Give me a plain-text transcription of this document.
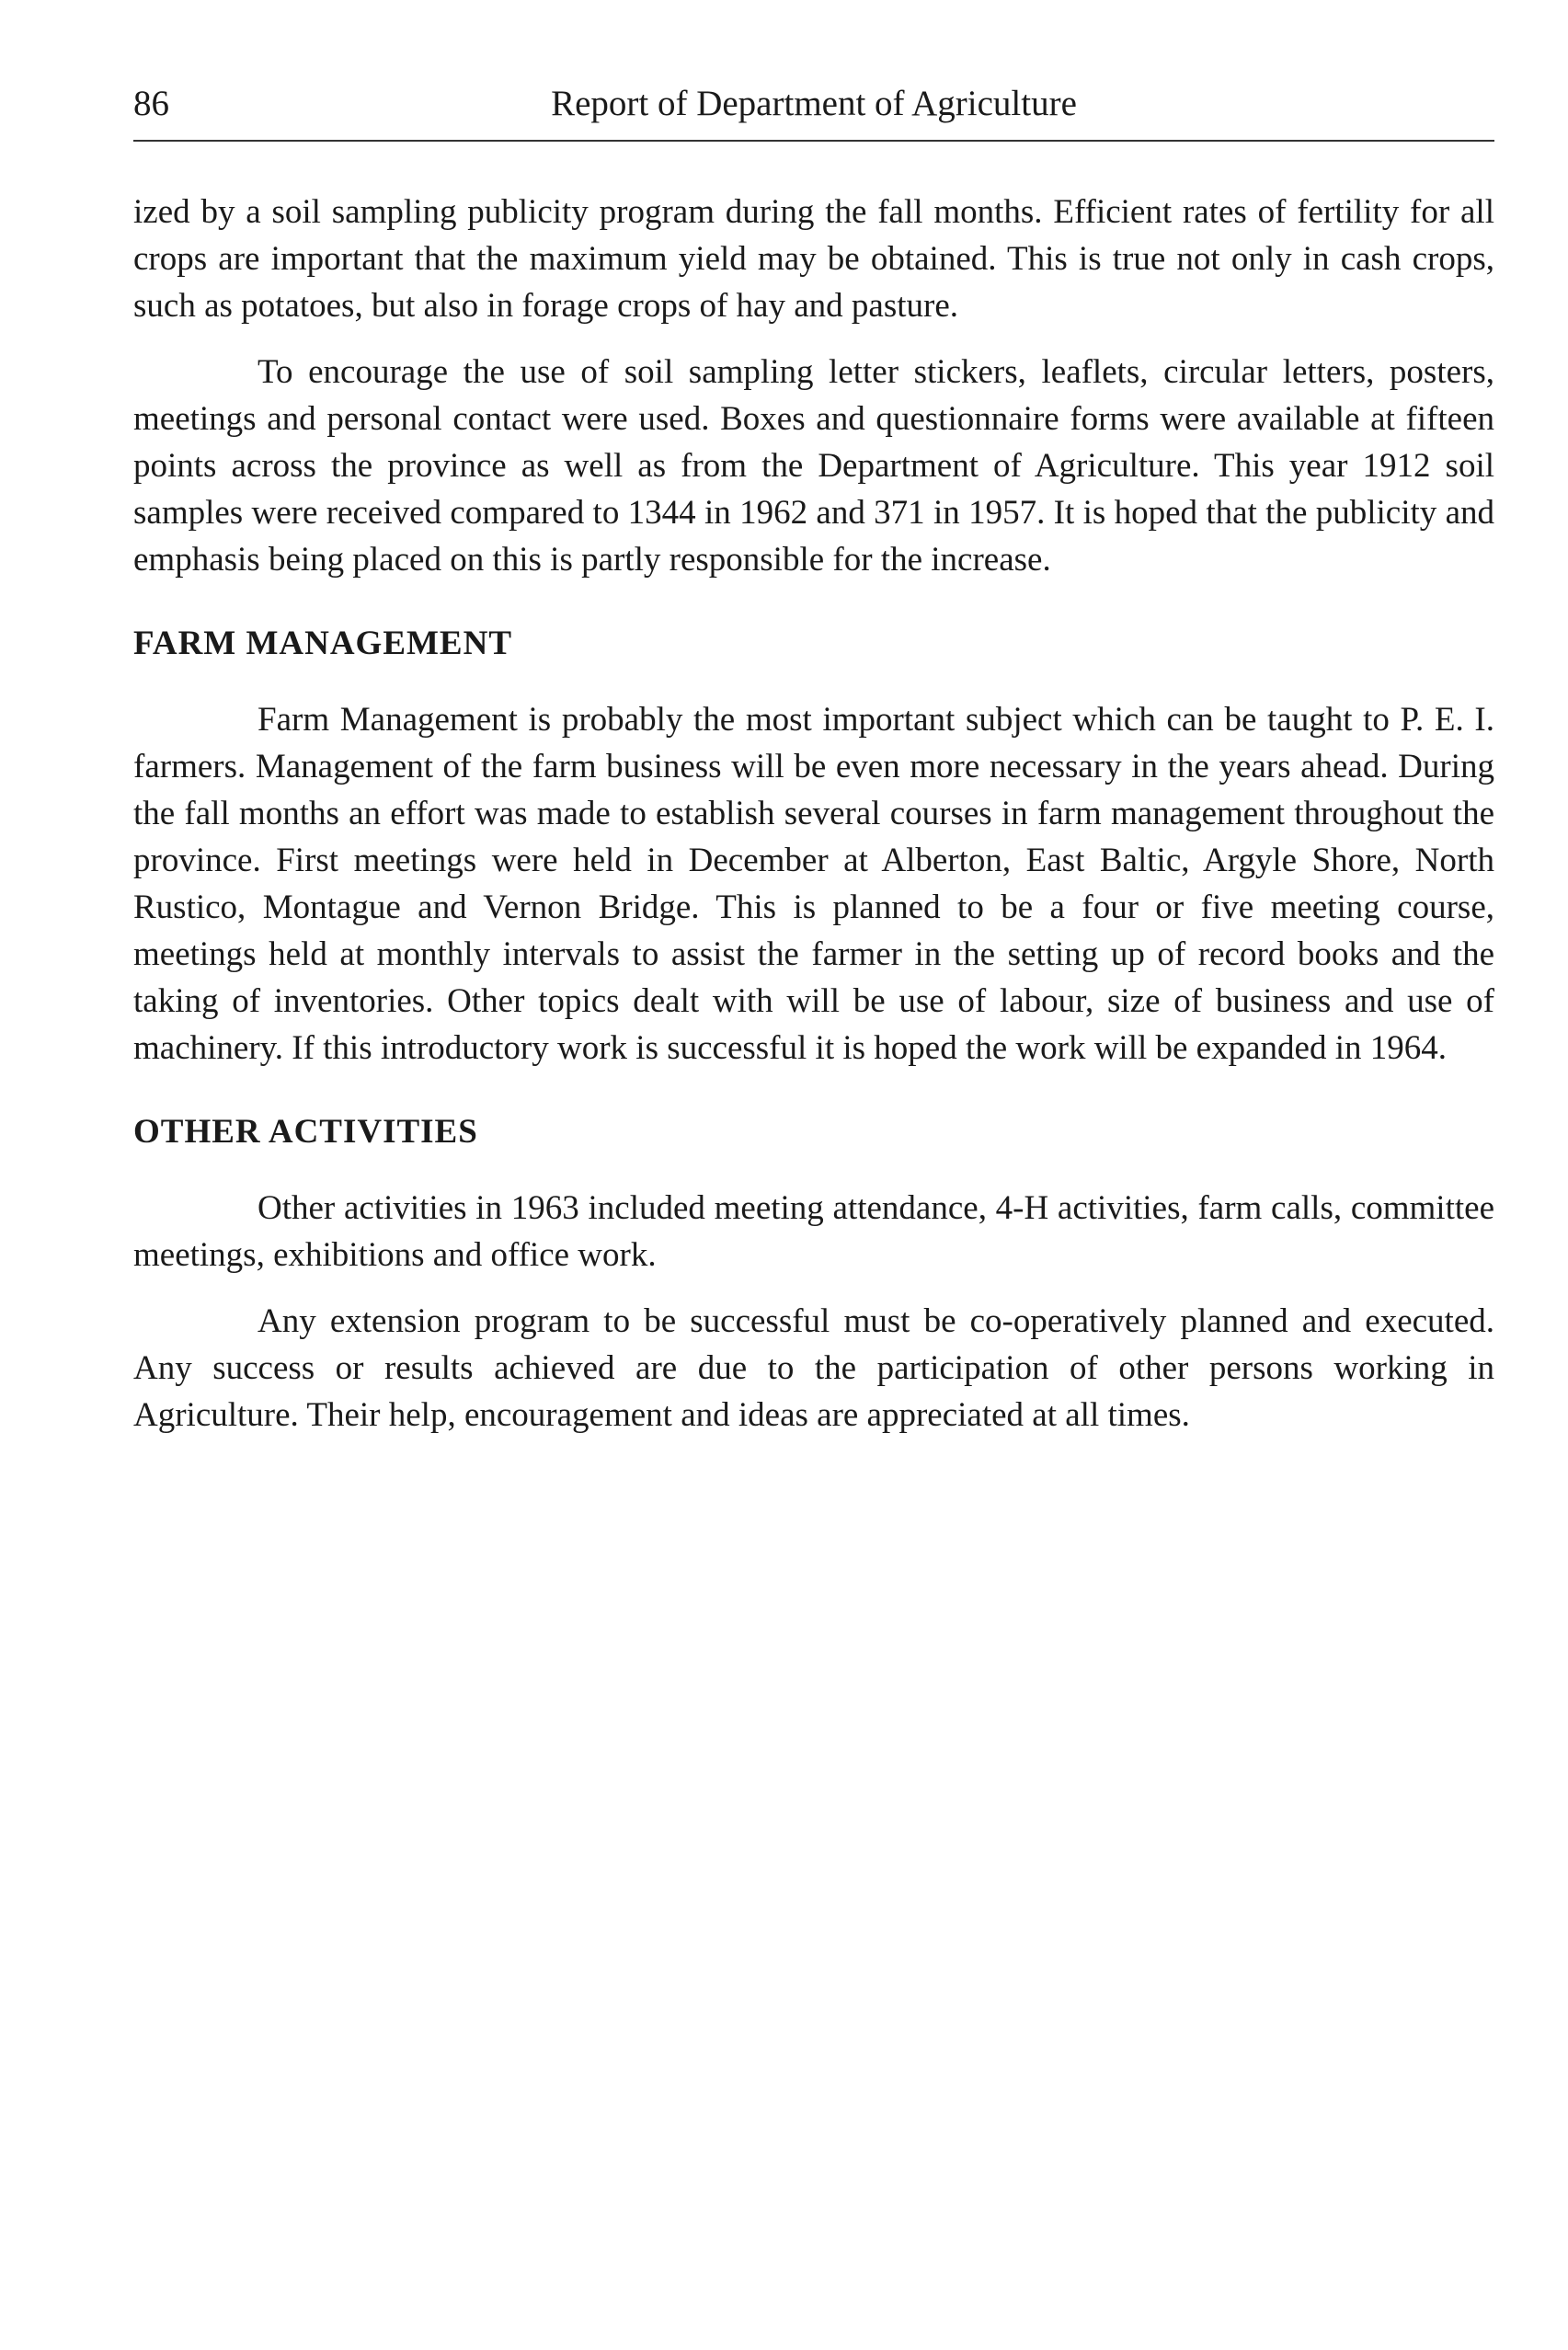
86	Report of Department of Agriculture

ized by a soil sampling publicity program during the fall months. Efficient rates of fertility for all crops are important that the maximum yield may be obtained. This is true not only in cash crops, such as potatoes, but also in forage crops of hay and pasture.

To encourage the use of soil sampling letter stickers, leaflets, circular letters, posters, meetings and personal contact were used. Boxes and questionnaire forms were available at fifteen points across the province as well as from the Department of Agriculture. This year 1912 soil samples were received compared to 1344 in 1962 and 371 in 1957. It is hoped that the publicity and emphasis being placed on this is partly responsible for the increase.

FARM MANAGEMENT

Farm Management is probably the most important subject which can be taught to P. E. I. farmers. Management of the farm business will be even more necessary in the years ahead. During the fall months an effort was made to establish several courses in farm management throughout the province. First meetings were held in December at Alberton, East Baltic, Argyle Shore, North Rustico, Montague and Vernon Bridge. This is planned to be a four or five meeting course, meetings held at monthly intervals to assist the farmer in the setting up of record books and the taking of inventories. Other topics dealt with will be use of labour, size of business and use of machinery. If this introductory work is successful it is hoped the work will be expanded in 1964.

OTHER ACTIVITIES

Other activities in 1963 included meeting attendance, 4-H activities, farm calls, committee meetings, exhibitions and office work.

Any extension program to be successful must be co-operatively planned and executed. Any success or results achieved are due to the participation of other persons working in Agriculture. Their help, encouragement and ideas are appreciated at all times.
